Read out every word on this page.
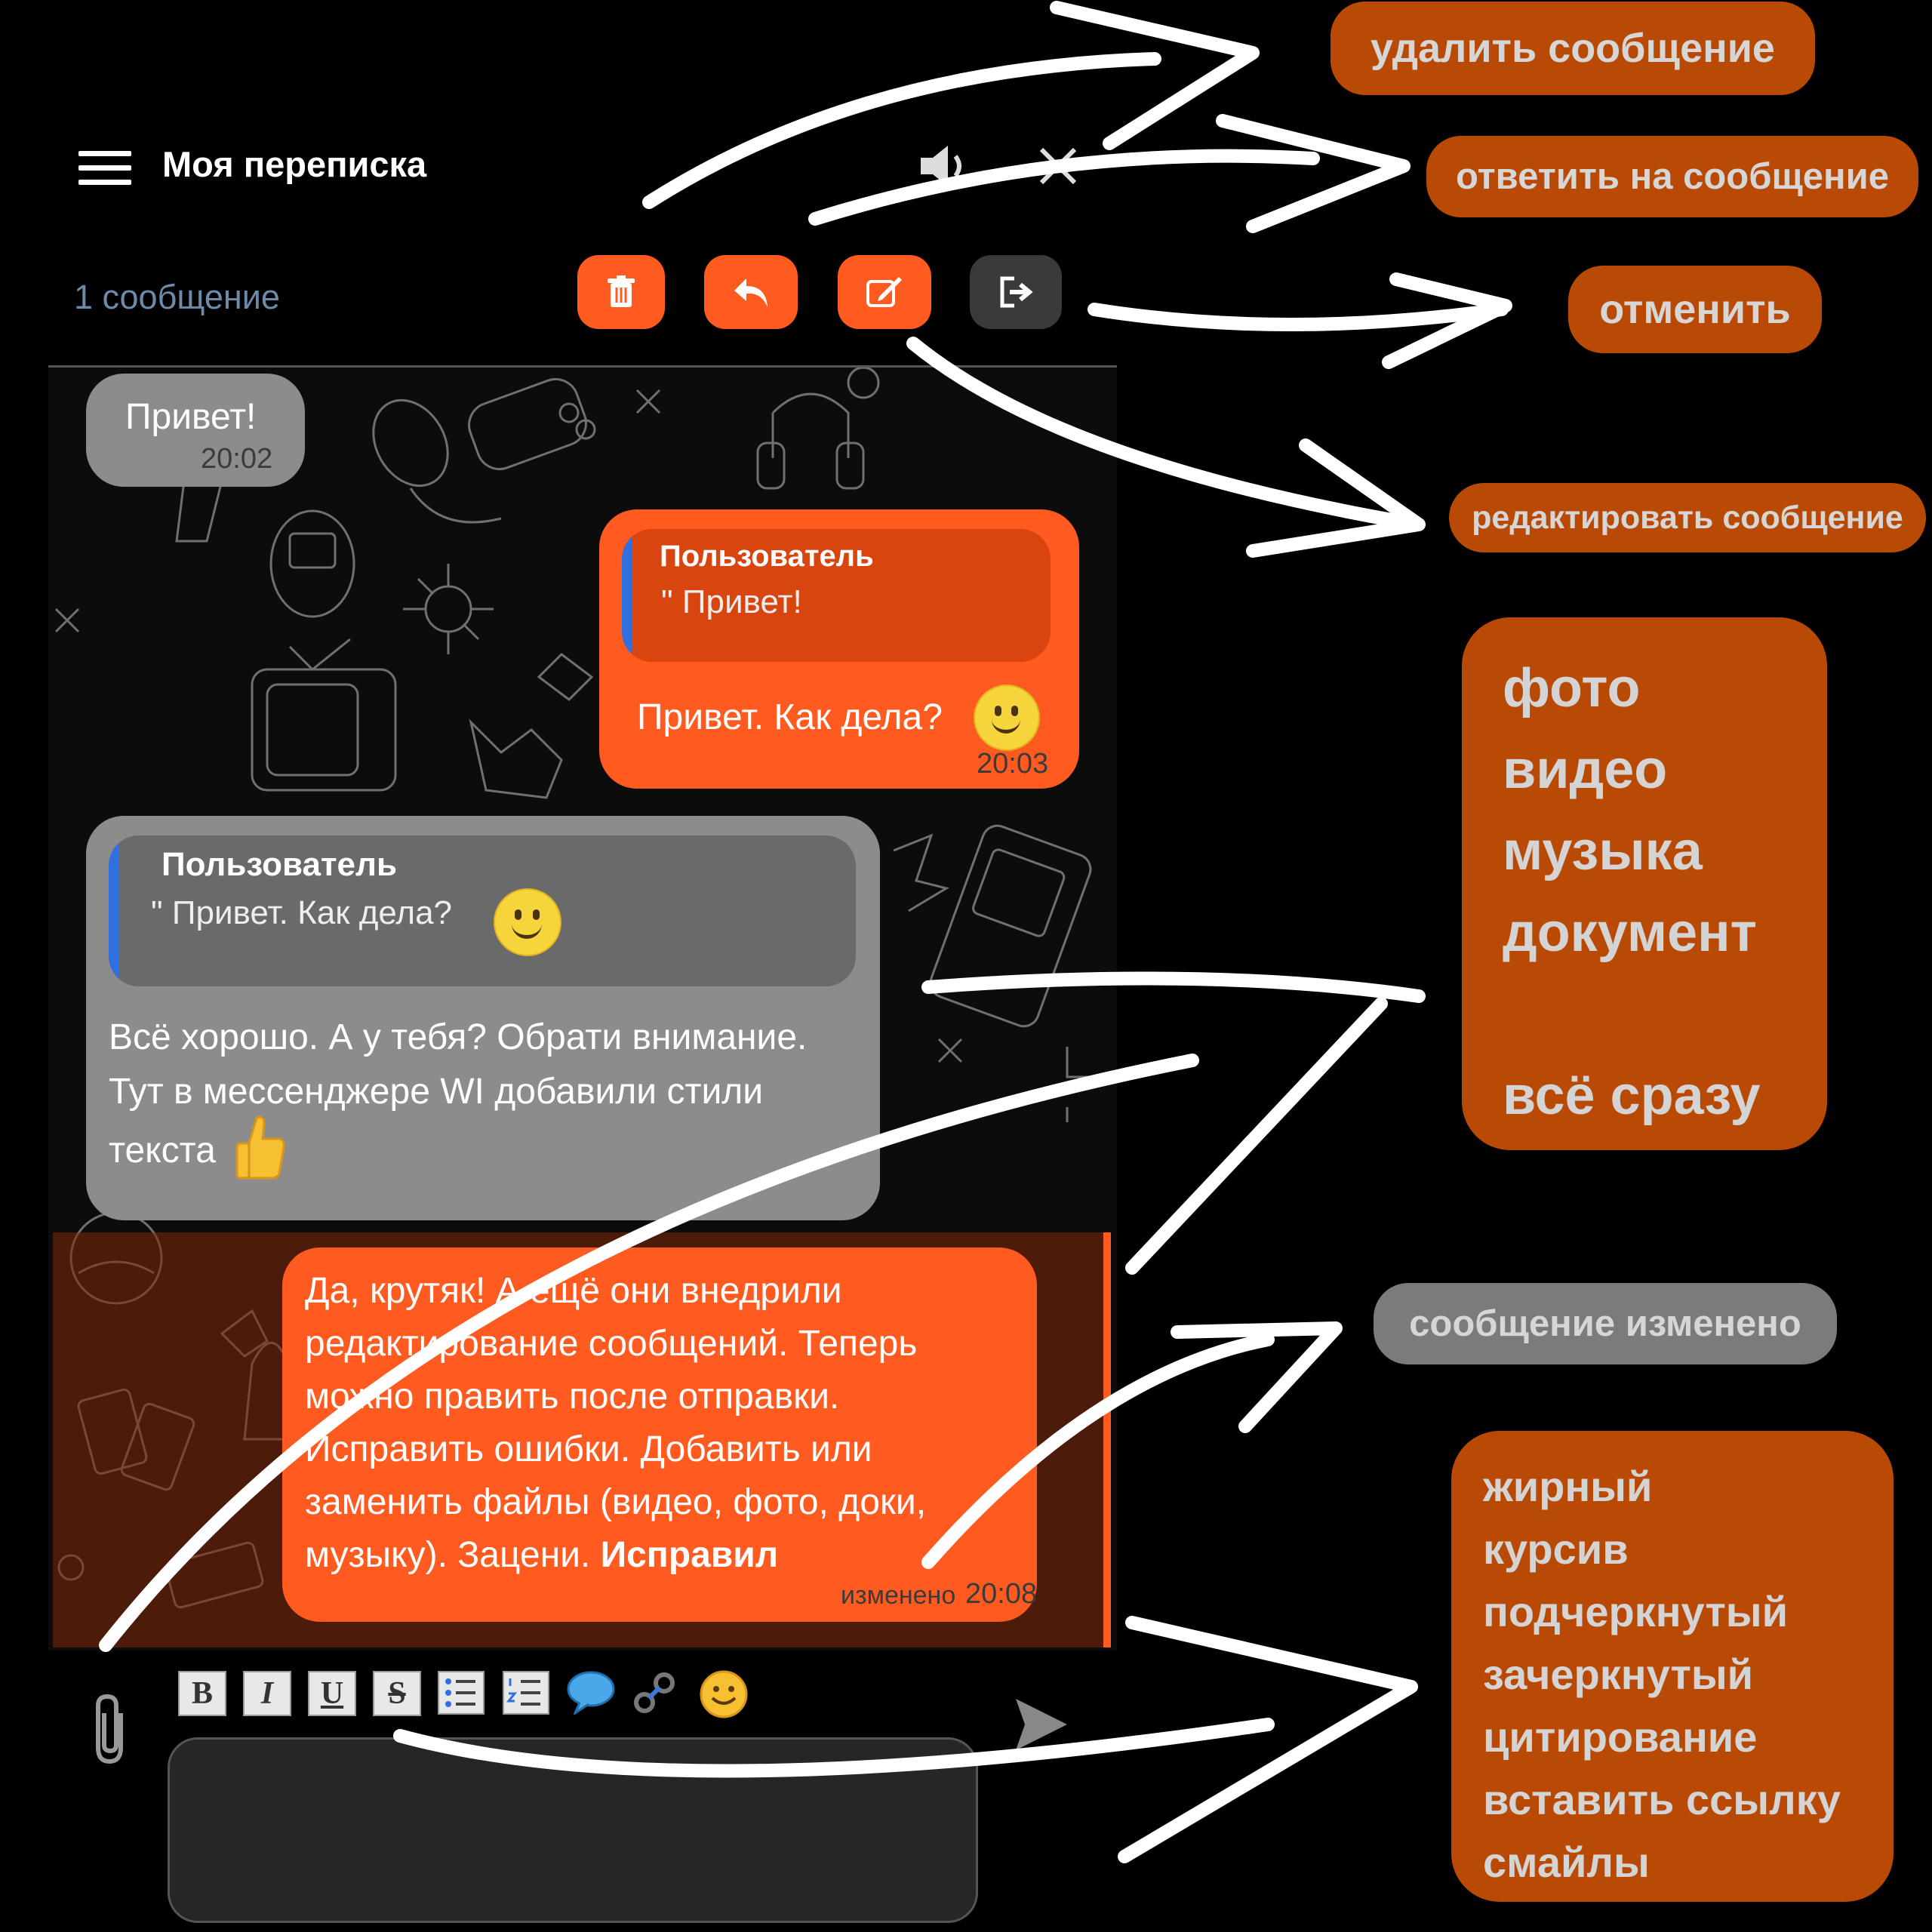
Моя переписка
1 сообщение
Привет!
20:02
Пользователь
" Привет!
Привет. Как дела?
20:03
Пользователь
" Привет. Как дела?
Всё хорошо. А у тебя? Обрати внимание.
Тут в мессенджере WI добавили стили
текста
Да, крутяк! А ещё они внедрили
редактирование сообщений. Теперь
можно править после отправки.
Исправить ошибки. Добавить или
заменить файлы (видео, фото, доки,
музыку). Зацени. Исправил
изменено 20:08
B	I	U	S
удалить сообщение
ответить на сообщение
отменить
редактировать сообщение
фото
видео
музыка
документ
всё сразу
сообщение изменено
жирный
курсив
подчеркнутый
зачеркнутый
цитирование
вставить ссылку
смайлы
